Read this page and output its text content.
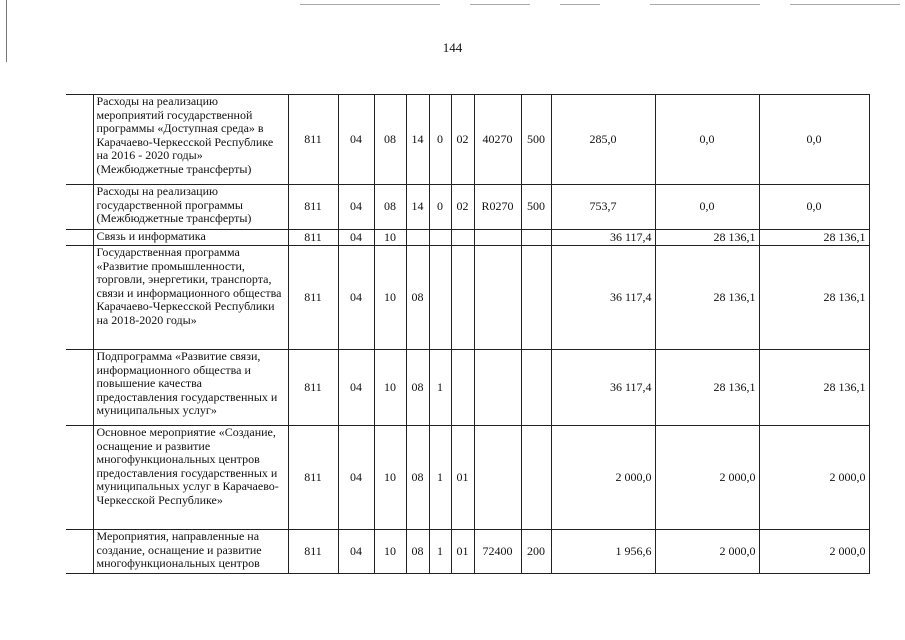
144
	Расходы на реализацию мероприятий государственной программы «Доступная среда» в Карачаево-Черкесской Республике на 2016 - 2020 годы» (Межбюджетные трансферты)	811	04	08	14	0	02	40270	500	285,0	0,0	0,0
	Расходы на реализацию государственной программы (Межбюджетные трансферты)	811	04	08	14	0	02	R0270	500	753,7	0,0	0,0
	Связь и информатика	811	04	10						36 117,4	28 136,1	28 136,1
	Государственная программа «Развитие промышленности, торговли, энергетики, транспорта, связи и информационного общества Карачаево-Черкесской Республики на 2018-2020 годы»	811	04	10	08					36 117,4	28 136,1	28 136,1
	Подпрограмма «Развитие связи, информационного общества и повышение качества предоставления государственных и муниципальных услуг»	811	04	10	08	1				36 117,4	28 136,1	28 136,1
	Основное мероприятие «Создание, оснащение и развитие многофункциональных центров предоставления государственных и муниципальных услуг в Карачаево-Черкесской Республике»	811	04	10	08	1	01			2 000,0	2 000,0	2 000,0
	Мероприятия, направленные на создание, оснащение и развитие многофункциональных центров	811	04	10	08	1	01	72400	200	1 956,6	2 000,0	2 000,0
